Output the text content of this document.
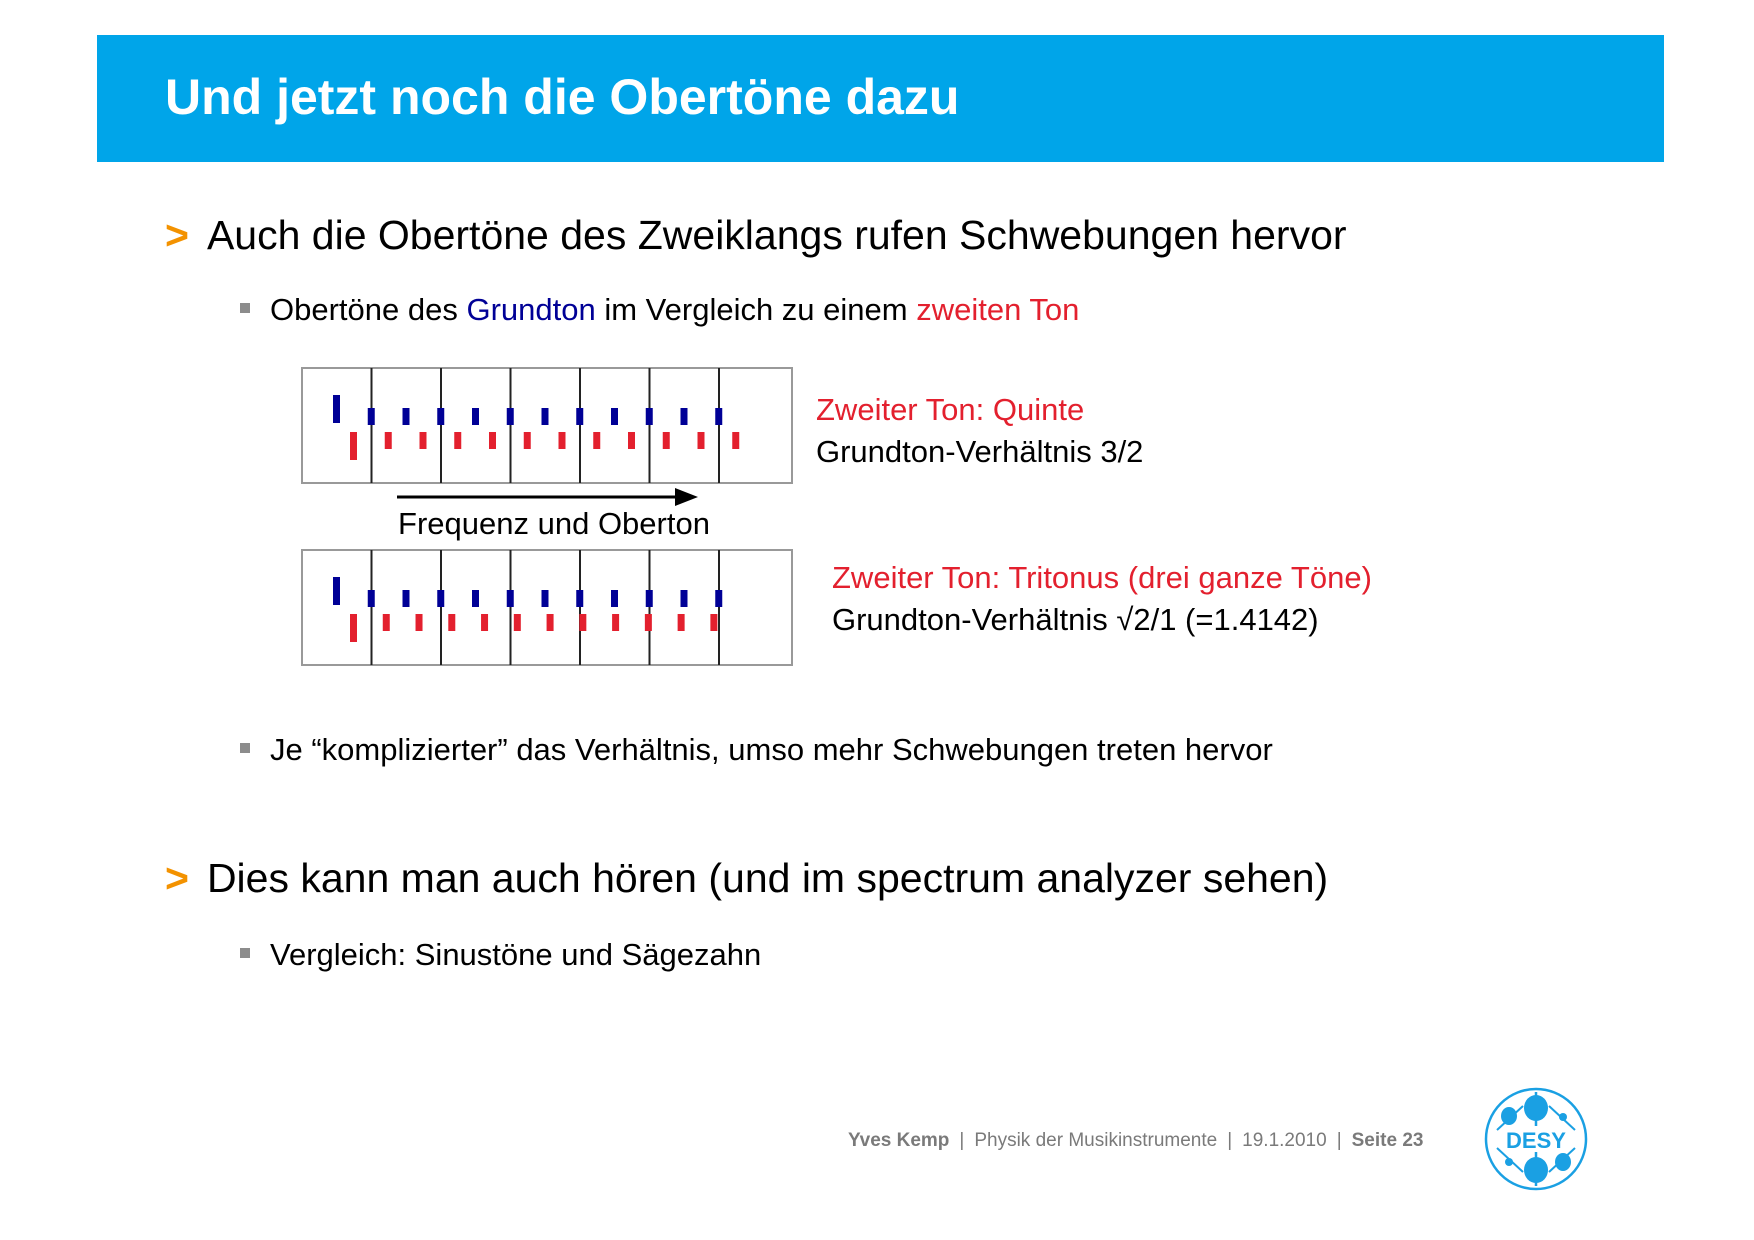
Und jetzt noch die Obertöne dazu
> Auch die Obertöne des Zweiklangs rufen Schwebungen hervor
Obertöne des Grundton im Vergleich zu einem zweiten Ton
Frequenz und Oberton
Zweiter Ton: Quinte
Grundton-Verhältnis 3/2
Zweiter Ton: Tritonus (drei ganze Töne)
Grundton-Verhältnis √2/1 (=1.4142)
Je “komplizierter” das Verhältnis, umso mehr Schwebungen treten hervor
> Dies kann man auch hören (und im spectrum analyzer sehen)
Vergleich: Sinustöne und Sägezahn
Yves Kemp | Physik der Musikinstrumente | 19.1.2010 | Seite 23	DESY
